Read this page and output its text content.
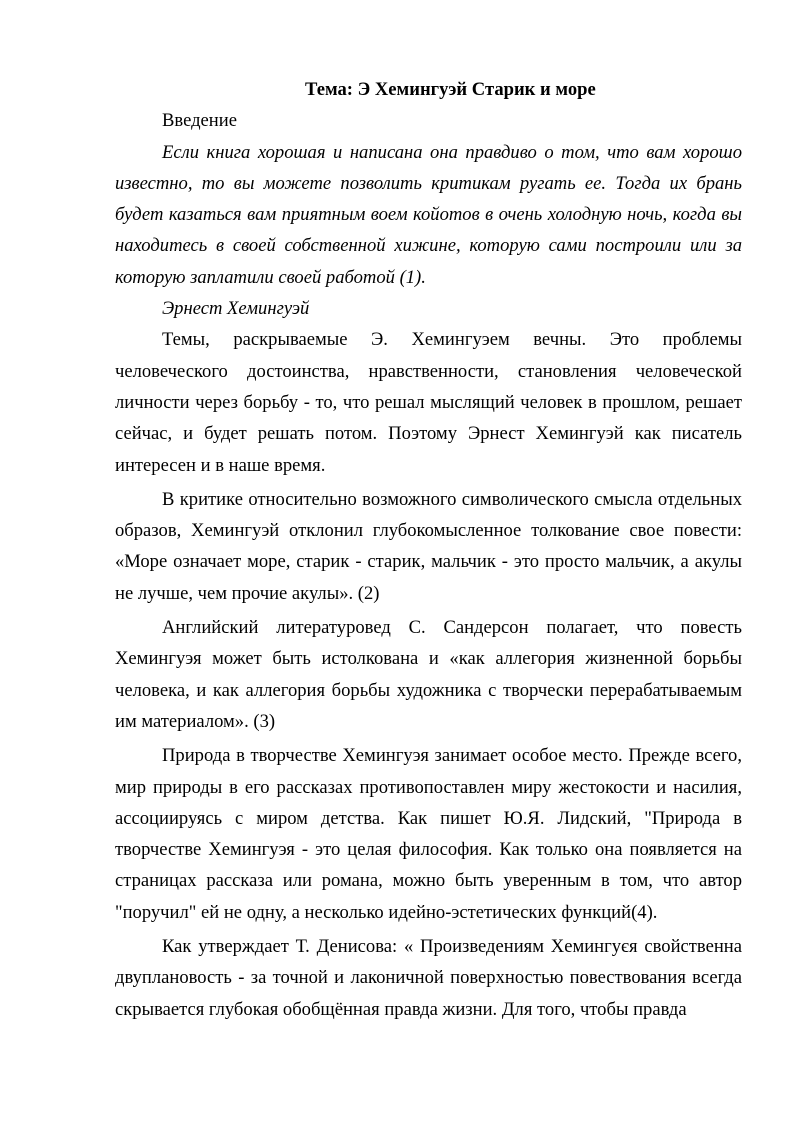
Тема: Э Хемингуэй Старик и море

Введение

Если книга хорошая и написана она правдиво о том, что вам хорошо известно, то вы можете позволить критикам ругать ее. Тогда их брань будет казаться вам приятным воем койотов в очень холодную ночь, когда вы находитесь в своей собственной хижине, которую сами построили или за которую заплатили своей работой (1).

Эрнест Хемингуэй

Темы, раскрываемые Э. Хемингуэем вечны. Это проблемы человеческого достоинства, нравственности, становления человеческой личности через борьбу - то, что решал мыслящий человек в прошлом, решает сейчас, и будет решать потом. Поэтому Эрнест Хемингуэй как писатель интересен и в наше время.

В критике относительно возможного символического смысла отдельных образов, Хемингуэй отклонил глубокомысленное толкование свое повести: «Море означает море, старик - старик, мальчик - это просто мальчик, а акулы не лучше, чем прочие акулы». (2)

Английский литературовед С. Сандерсон полагает, что повесть Хемингуэя может быть истолкована и «как аллегория жизненной борьбы человека, и как аллегория борьбы художника с творчески перерабатываемым им материалом». (3)

Природа в творчестве Хемингуэя занимает особое место. Прежде всего, мир природы в его рассказах противопоставлен миру жестокости и насилия, ассоциируясь с миром детства. Как пишет Ю.Я. Лидский, "Природа в творчестве Хемингуэя - это целая философия. Как только она появляется на страницах рассказа или романа, можно быть уверенным в том, что автор "поручил" ей не одну, а несколько идейно-эстетических функций(4).

Как утверждает Т. Денисова: « Произведениям Хемингуєя свойственна двуплановость - за точной и лаконичной поверхностью повествования всегда скрывается глубокая обобщённая правда жизни. Для того, чтобы правда
